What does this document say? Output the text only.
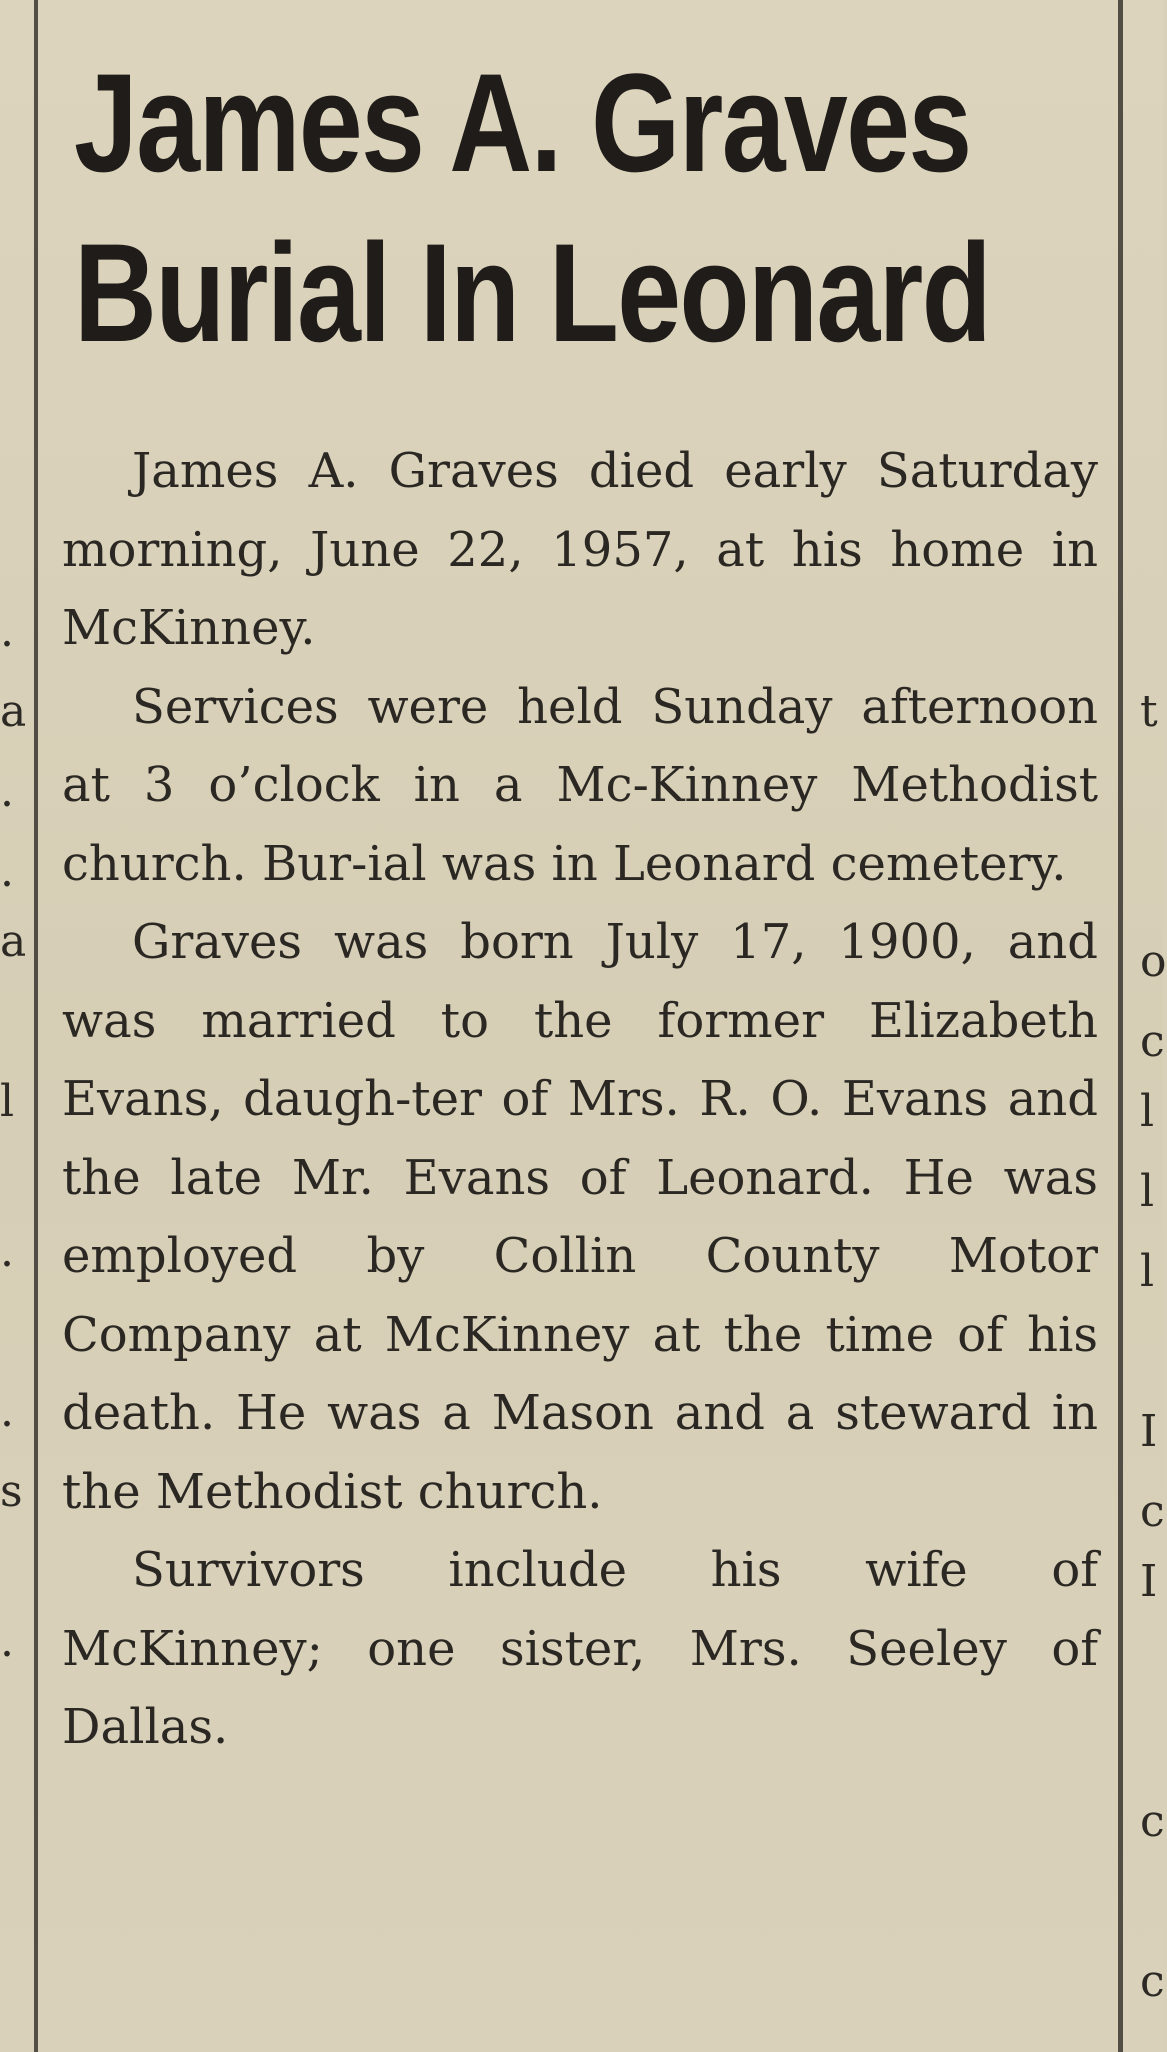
.
a
.
.
a
l
.
.
s
.
t
o
c
l
l
l
I
c
I
c
c
James A. Graves
Burial In Leonard

James A. Graves died early Saturday morning, June 22, 1957, at his home in McKinney.

Services were held Sunday afternoon at 3 o’clock in a Mc-Kinney Methodist church. Bur-ial was in Leonard cemetery.

Graves was born July 17, 1900, and was married to the former Elizabeth Evans, daugh-ter of Mrs. R. O. Evans and the late Mr. Evans of Leonard. He was employed by Collin County Motor Company at McKinney at the time of his death. He was a Mason and a steward in the Methodist church.

Survivors include his wife of McKinney; one sister, Mrs. Seeley of Dallas.
